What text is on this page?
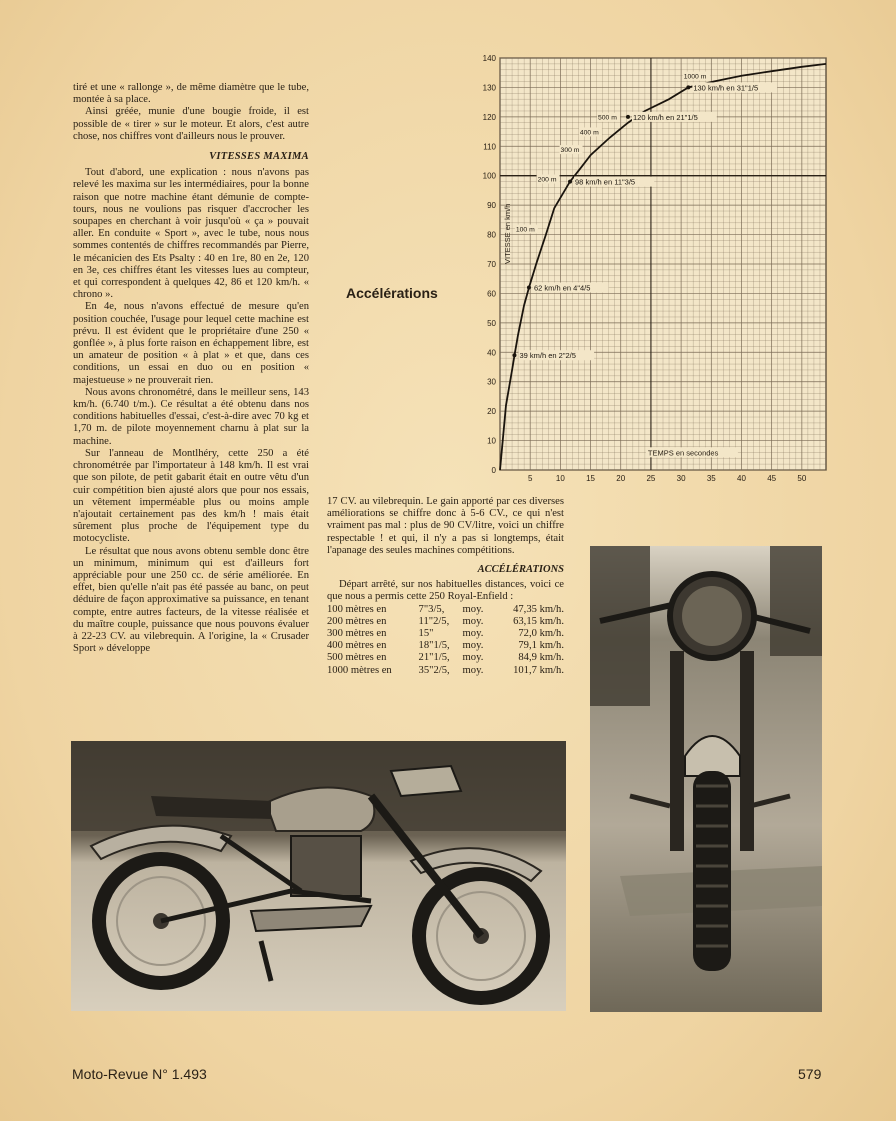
tiré et une « rallonge », de même diamètre que le tube, montée à sa place.

Ainsi gréée, munie d'une bougie froide, il est possible de « tirer » sur le moteur. Et alors, c'est autre chose, nos chiffres vont d'ailleurs nous le prouver.

VITESSES MAXIMA

Tout d'abord, une explication : nous n'avons pas relevé les maxima sur les intermédiaires, pour la bonne raison que notre machine étant démunie de compte-tours, nous ne voulions pas risquer d'accrocher les soupapes en cherchant à voir jusqu'où « ça » pouvait aller. En conduite « Sport », avec le tube, nous nous sommes contentés de chiffres recommandés par Pierre, le mécanicien des Ets Psalty : 40 en 1re, 80 en 2e, 120 en 3e, ces chiffres étant les vitesses lues au compteur, et qui correspondent à quelques 42, 86 et 120 km/h. « chrono ».

En 4e, nous n'avons effectué de mesure qu'en position couchée, l'usage pour lequel cette machine est prévu. Il est évident que le propriétaire d'une 250 « gonflée », à plus forte raison en échappement libre, est un amateur de position « à plat » et que, dans ces conditions, un essai en duo ou en position « majestueuse » ne prouverait rien.

Nous avons chronométré, dans le meilleur sens, 143 km/h. (6.740 t/m.). Ce résultat a été obtenu dans nos conditions habituelles d'essai, c'est-à-dire avec 70 kg et 1,70 m. de pilote moyennement charnu à plat sur la machine.

Sur l'anneau de Montlhéry, cette 250 a été chronométrée par l'importateur à 148 km/h. Il est vrai que son pilote, de petit gabarit était en outre vêtu d'un cuir compétition bien ajusté alors que pour nos essais, un vêtement imperméable plus ou moins ample n'ajoutait certainement pas des km/h ! mais était sûrement plus proche de l'équipement type du motocycliste.

Le résultat que nous avons obtenu semble donc être un minimum, minimum qui est d'ailleurs fort appréciable pour une 250 cc. de série améliorée. En effet, bien qu'elle n'ait pas été passée au banc, on peut déduire de façon approximative sa puissance, en tenant compte, entre autres facteurs, de la vitesse réalisée et du maître couple, puissance que nous pouvons évaluer à 22-23 CV. au vilebrequin. A l'origine, la « Crusader Sport » développe

Accélérations
0
10
20
30
40
50
60
70
80
90
100
110
120
130
140
5	10	15	20	25	30	35	40	45	50
VITESSE en km/h
TEMPS en secondes
39 km/h en 2"2/5
62 km/h en 4"4/5
98 km/h en 11"3/5
120 km/h en 21"1/5
130 km/h en 31"1/5
100 m
200 m
300 m
400 m
500 m
1000 m

17 CV. au vilebrequin. Le gain apporté par ces diverses améliorations se chiffre donc à 5-6 CV., ce qui n'est vraiment pas mal : plus de 90 CV/litre, voici un chiffre respectable ! et qui, il n'y a pas si longtemps, était l'apanage des seules machines compétitions.

ACCÉLÉRATIONS

Départ arrêté, sur nos habituelles distances, voici ce que nous a permis cette 250 Royal-Enfield :

100 mètres en	7"3/5,	moy.	47,35 km/h.
200 mètres en	11"2/5,	moy.	63,15 km/h.
300 mètres en	15"	moy.	72,0 km/h.
400 mètres en	18"1/5,	moy.	79,1 km/h.
500 mètres en	21"1/5,	moy.	84,9 km/h.
1000 mètres en	35"2/5,	moy.	101,7 km/h.
Moto-Revue N° 1.493	579
